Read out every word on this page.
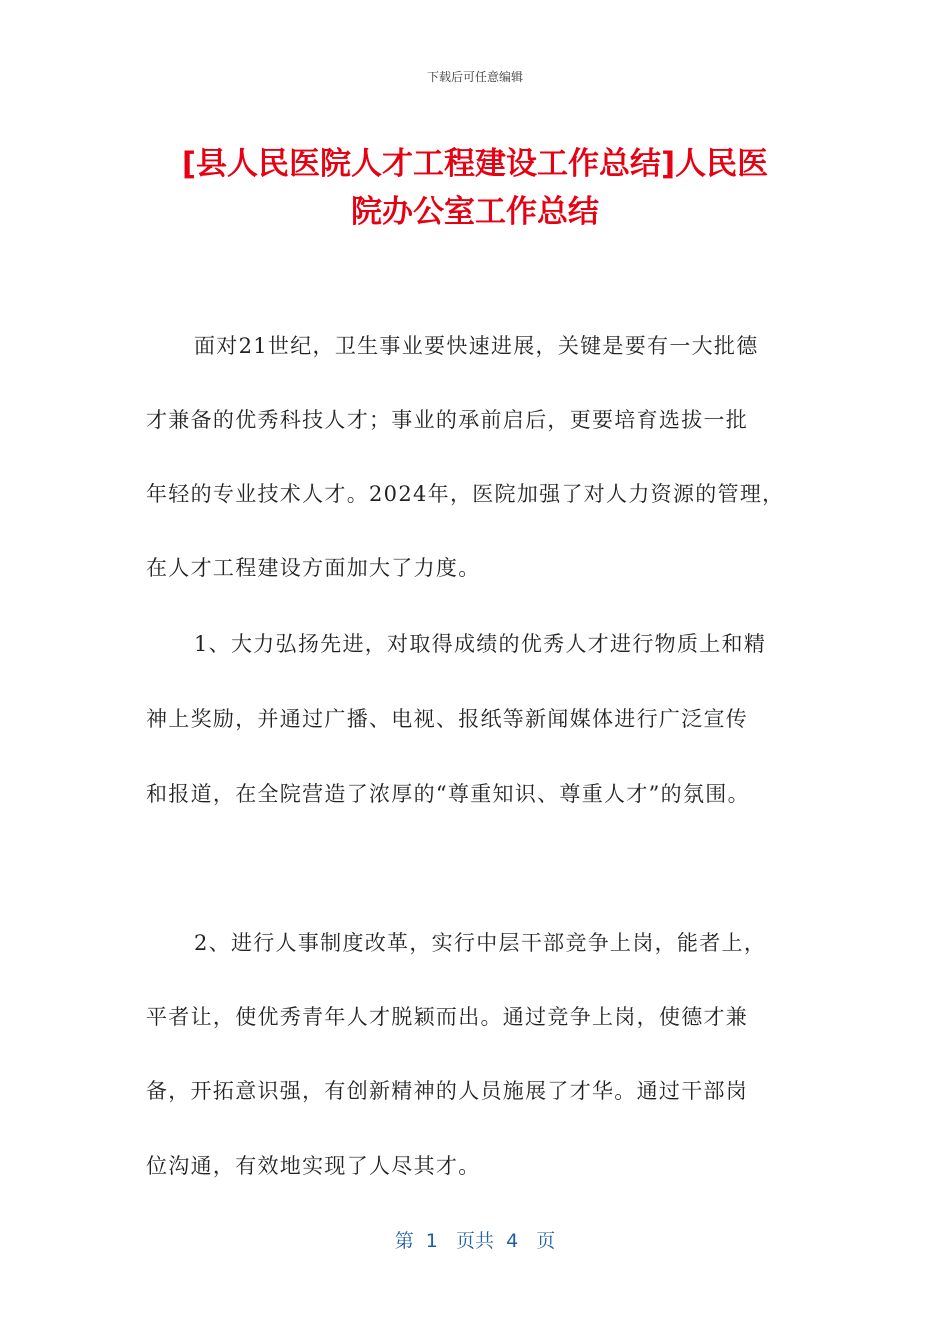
下载后可任意编辑
[县人民医院人才工程建设工作总结]人民医
院办公室工作总结
面对21世纪，卫生事业要快速进展，关键是要有一大批德
才兼备的优秀科技人才；事业的承前启后，更要培育选拔一批
年轻的专业技术人才。2024年，医院加强了对人力资源的管理，
在人才工程建设方面加大了力度。
1、大力弘扬先进，对取得成绩的优秀人才进行物质上和精
神上奖励，并通过广播、电视、报纸等新闻媒体进行广泛宣传
和报道，在全院营造了浓厚的“尊重知识、尊重人才”的氛围。
2、进行人事制度改革，实行中层干部竞争上岗，能者上，
平者让，使优秀青年人才脱颖而出。通过竞争上岗，使德才兼
备，开拓意识强，有创新精神的人员施展了才华。通过干部岗
位沟通，有效地实现了人尽其才。
第  1   页共  4   页
